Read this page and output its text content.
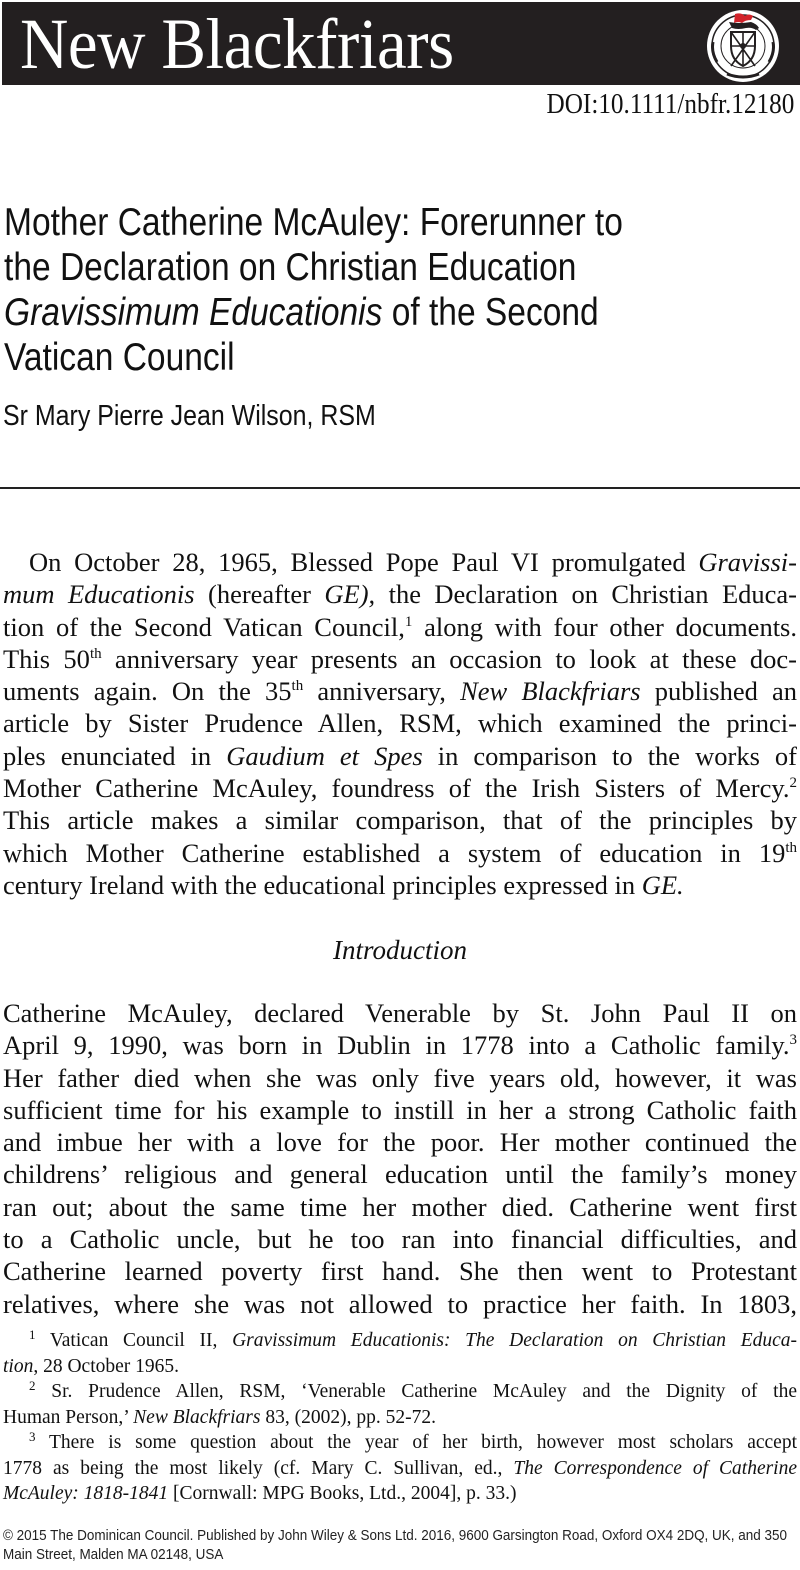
New Blackfriars
DOI:10.1111/nbfr.12180
Mother Catherine McAuley: Forerunner to
the Declaration on Christian Education
Gravissimum Educationis of the Second
Vatican Council
Sr Mary Pierre Jean Wilson, RSM
On October 28, 1965, Blessed Pope Paul VI promulgated Gravissi-
mum Educationis (hereafter GE), the Declaration on Christian Educa-
tion of the Second Vatican Council,$^1$ along with four other documents.
This 50th anniversary year presents an occasion to look at these doc-
uments again. On the 35th anniversary, New Blackfriars published an
article by Sister Prudence Allen, RSM, which examined the princi-
ples enunciated in Gaudium et Spes in comparison to the works of
Mother Catherine McAuley, foundress of the Irish Sisters of Mercy.$^2$
This article makes a similar comparison, that of the principles by
which Mother Catherine established a system of education in 19th
century Ireland with the educational principles expressed in GE.
Introduction
Catherine McAuley, declared Venerable by St. John Paul II on
April 9, 1990, was born in Dublin in 1778 into a Catholic family.$^3$
Her father died when she was only five years old, however, it was
sufficient time for his example to instill in her a strong Catholic faith
and imbue her with a love for the poor. Her mother continued the
childrens’ religious and general education until the family’s money
ran out; about the same time her mother died. Catherine went first
to a Catholic uncle, but he too ran into financial difficulties, and
Catherine learned poverty first hand. She then went to Protestant
relatives, where she was not allowed to practice her faith. In 1803,
$^1$ Vatican Council II, Gravissimum Educationis: The Declaration on Christian Educa-
tion, 28 October 1965.
$^2$ Sr. Prudence Allen, RSM, ‘Venerable Catherine McAuley and the Dignity of the
Human Person,’ New Blackfriars 83, (2002), pp. 52-72.
$^3$ There is some question about the year of her birth, however most scholars accept
1778 as being the most likely (cf. Mary C. Sullivan, ed., The Correspondence of Catherine
McAuley: 1818-1841 [Cornwall: MPG Books, Ltd., 2004], p. 33.)
© 2015 The Dominican Council. Published by John Wiley & Sons Ltd. 2016, 9600 Garsington Road, Oxford OX4 2DQ, UK, and 350
Main Street, Malden MA 02148, USA
